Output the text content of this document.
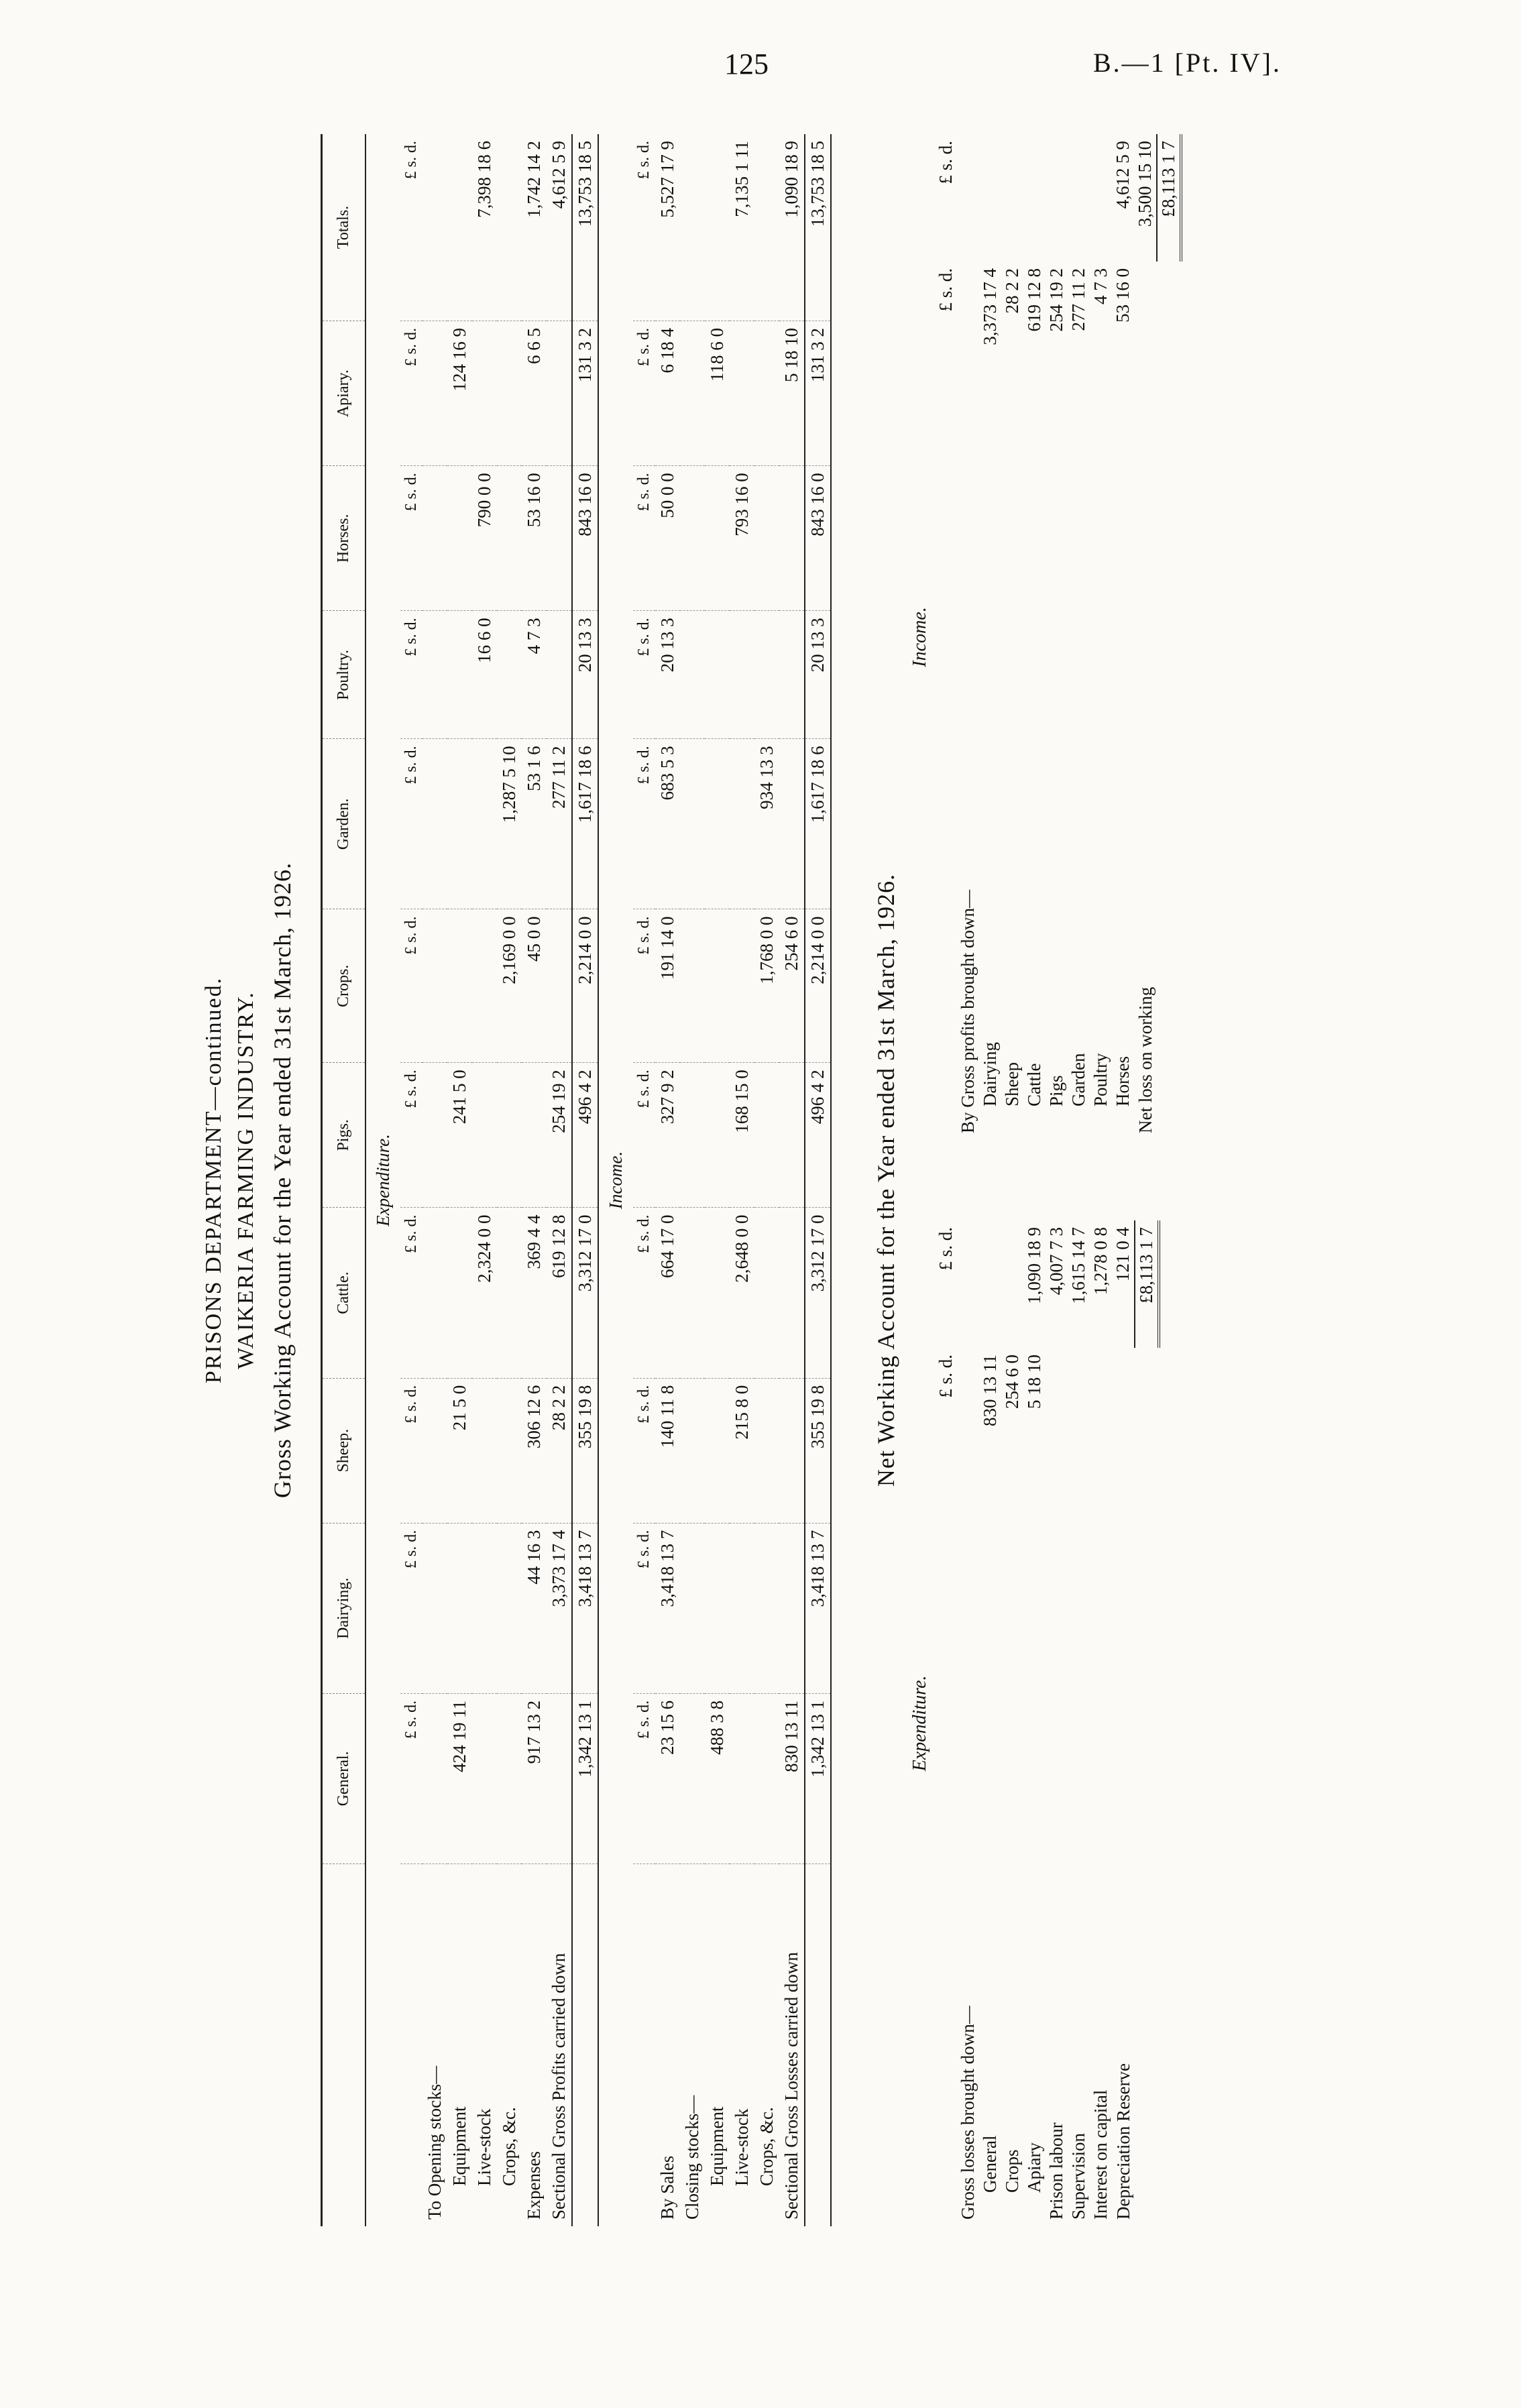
125	B.—1 [Pt. IV].
PRISONS DEPARTMENT—continued. WAIKERIA FARMING INDUSTRY. Gross Working Account for the Year ended 31st March, 1926.
	General.	Dairying.	Sheep.	Cattle.	Pigs.	Crops.	Garden.	Poultry.	Horses.	Apiary.	Totals.
Expenditure.											
	£ s. d.	£ s. d.	£ s. d.	£ s. d.	£ s. d.	£ s. d.	£ s. d.	£ s. d.	£ s. d.	£ s. d.	£ s. d.
To Opening stocks—											
Equipment	424 19 11		21 5 0		241 5 0					124 16 9	
Live-stock				2,324 0 0				16 6 0	790 0 0		7,398 18 6
Crops, &c.						2,169 0 0	1,287 5 10				
Expenses	917 13 2	44 16 3	306 12 6	369 4 4		45 0 0	53 1 6	4 7 3	53 16 0	6 6 5	1,742 14 2
Sectional Gross Profits carried down		3,373 17 4	28 2 2	619 12 8	254 19 2		277 11 2				4,612 5 9
	1,342 13 1	3,418 13 7	355 19 8	3,312 17 0	496 4 2	2,214 0 0	1,617 18 6	20 13 3	843 16 0	131 3 2	13,753 18 5
Income.											
	£ s. d.	£ s. d.	£ s. d.	£ s. d.	£ s. d.	£ s. d.	£ s. d.	£ s. d.	£ s. d.	£ s. d.	£ s. d.
By Sales	23 15 6	3,418 13 7	140 11 8	664 17 0	327 9 2	191 14 0	683 5 3	20 13 3	50 0 0	6 18 4	5,527 17 9
Closing stocks—											
Equipment	488 3 8									118 6 0	
Live-stock			215 8 0	2,648 0 0	168 15 0				793 16 0		7,135 1 11
Crops, &c.						1,768 0 0	934 13 3				
Sectional Gross Losses carried down	830 13 11					254 6 0				5 18 10	1,090 18 9
	1,342 13 1	3,418 13 7	355 19 8	3,312 17 0	496 4 2	2,214 0 0	1,617 18 6	20 13 3	843 16 0	131 3 2	13,753 18 5
Net Working Account for the Year ended 31st March, 1926.
Expenditure.
	£ s. d.	£ s. d.
Gross losses brought down—		
General	830 13 11	
Crops	254 6 0	
Apiary	5 18 10	1,090 18 9
Prison labour		4,007 7 3
Supervision		1,615 14 7
Interest on capital		1,278 0 8
Depreciation Reserve		121 0 4
		£8,113 1 7
Income.
	£ s. d.	£ s. d.
By Gross profits brought down—		
Dairying	3,373 17 4	
Sheep	28 2 2	
Cattle	619 12 8	
Pigs	254 19 2	
Garden	277 11 2	
Poultry	4 7 3	
Horses	53 16 0	4,612 5 9
Net loss on working		3,500 15 10
		£8,113 1 7
